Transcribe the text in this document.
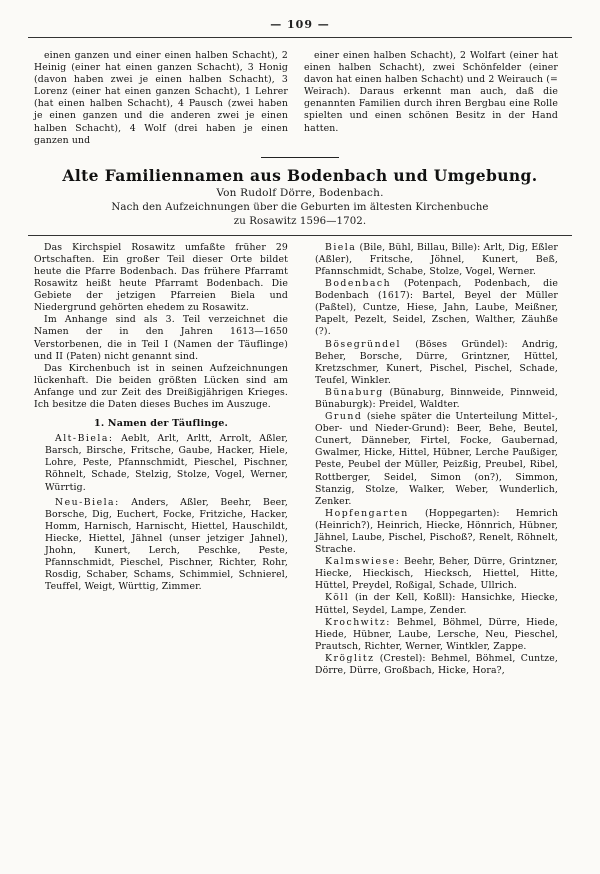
— 109 —

einen ganzen und einer einen halben Schacht), 2 Heinig (einer hat einen ganzen Schacht), 3 Honig (davon haben zwei je einen halben Schacht), 3 Lorenz (einer hat einen ganzen Schacht), 1 Lehrer (hat einen halben Schacht), 4 Pausch (zwei haben je einen ganzen und die anderen zwei je einen halben Schacht), 4 Wolf (drei haben je einen ganzen und

einer einen halben Schacht), 2 Wolfart (einer hat einen halben Schacht), zwei Schönfelder (einer davon hat einen halben Schacht) und 2 Weirauch (= Weirach). Daraus erkennt man auch, daß die genannten Familien durch ihren Bergbau eine Rolle spielten und einen schönen Besitz in der Hand hatten.

Alte Familiennamen aus Bodenbach und Umgebung.
Von Rudolf Dörre, Bodenbach.
Nach den Aufzeichnungen über die Geburten im ältesten Kirchenbuche
zu Rosawitz 1596—1702.

Das Kirchspiel Rosawitz umfaßte früher 29 Ortschaften. Ein großer Teil dieser Orte bildet heute die Pfarre Bodenbach. Das frühere Pfarramt Rosawitz heißt heute Pfarramt Bodenbach. Die Gebiete der jetzigen Pfarreien Biela und Niedergrund gehörten ehedem zu Rosawitz.

Im Anhange sind als 3. Teil verzeichnet die Namen der in den Jahren 1613—1650 Verstorbenen, die in Teil I (Namen der Täuflinge) und II (Paten) nicht genannt sind.

Das Kirchenbuch ist in seinen Aufzeichnungen lückenhaft. Die beiden größten Lücken sind am Anfange und zur Zeit des Dreißigjährigen Krieges. Ich besitze die Daten dieses Buches im Auszuge.

1. Namen der Täuflinge.

Alt-Biela: Aeblt, Arlt, Arltt, Arrolt, Aßler, Barsch, Birsche, Fritsche, Gaube, Hacker, Hiele, Lohre, Peste, Pfannschmidt, Pieschel, Pischner, Röhnelt, Schade, Stelzig, Stolze, Vogel, Werner, Würrtig.

Neu-Biela: Anders, Aßler, Beehr, Beer, Borsche, Dig, Euchert, Focke, Fritziche, Hacker, Homm, Harnisch, Harnischt, Hiettel, Hauschildt, Hiecke, Hiettel, Jähnel (unser jetziger Jahnel), Jhohn, Kunert, Lerch, Peschke, Peste, Pfannschmidt, Pieschel, Pischner, Richter, Rohr, Rosdig, Schaber, Schams, Schimmiel, Schnierel, Teuffel, Weigt, Württig, Zimmer.

Biela (Bile, Bühl, Billau, Bille): Arlt, Dig, Eßler (Aßler), Fritsche, Jöhnel, Kunert, Beß, Pfannschmidt, Schabe, Stolze, Vogel, Werner.

Bodenbach (Potenpach, Podenbach, die Bodenbach (1617): Bartel, Beyel der Müller (Paßtel), Cuntze, Hiese, Jahn, Laube, Meißner, Papelt, Pezelt, Seidel, Zschen, Walther, Zäuhße (?).

Bösegründel (Böses Gründel): Andrig, Beher, Borsche, Dürre, Grintzner, Hüttel, Kretzschmer, Kunert, Pischel, Pischel, Schade, Teufel, Winkler.

Bünaburg (Bünaburg, Binnweide, Pinnweid, Bünaburgk): Preidel, Waldter.

Grund (siehe später die Unterteilung Mittel-, Ober- und Nieder-Grund): Beer, Behe, Beutel, Cunert, Dänneber, Firtel, Focke, Gaubernad, Gwalmer, Hicke, Hittel, Hübner, Lerche Paußiger, Peste, Peubel der Müller, Peizßig, Preubel, Ribel, Rottberger, Seidel, Simon (on?), Simmon, Stanzig, Stolze, Walker, Weber, Wunderlich, Zenker.

Hopfengarten (Hoppegarten): Hemrich (Heinrich?), Heinrich, Hiecke, Hönnrich, Hübner, Jähnel, Laube, Pischel, Pischoß?, Renelt, Röhnelt, Strache.

Kalmswiese: Beehr, Beher, Dürre, Grintzner, Hiecke, Hieckisch, Hiecksch, Hiettel, Hitte, Hüttel, Preydel, Roßigal, Schade, Ullrich.

Köll (in der Kell, Koßll): Hansichke, Hiecke, Hüttel, Seydel, Lampe, Zender.

Krochwitz: Behmel, Böhmel, Dürre, Hiede, Hiede, Hübner, Laube, Lersche, Neu, Pieschel, Prautsch, Richter, Werner, Wintkler, Zappe.

Kröglitz (Crestel): Behmel, Böhmel, Cuntze, Dörre, Dürre, Großbach, Hicke, Hora?,
